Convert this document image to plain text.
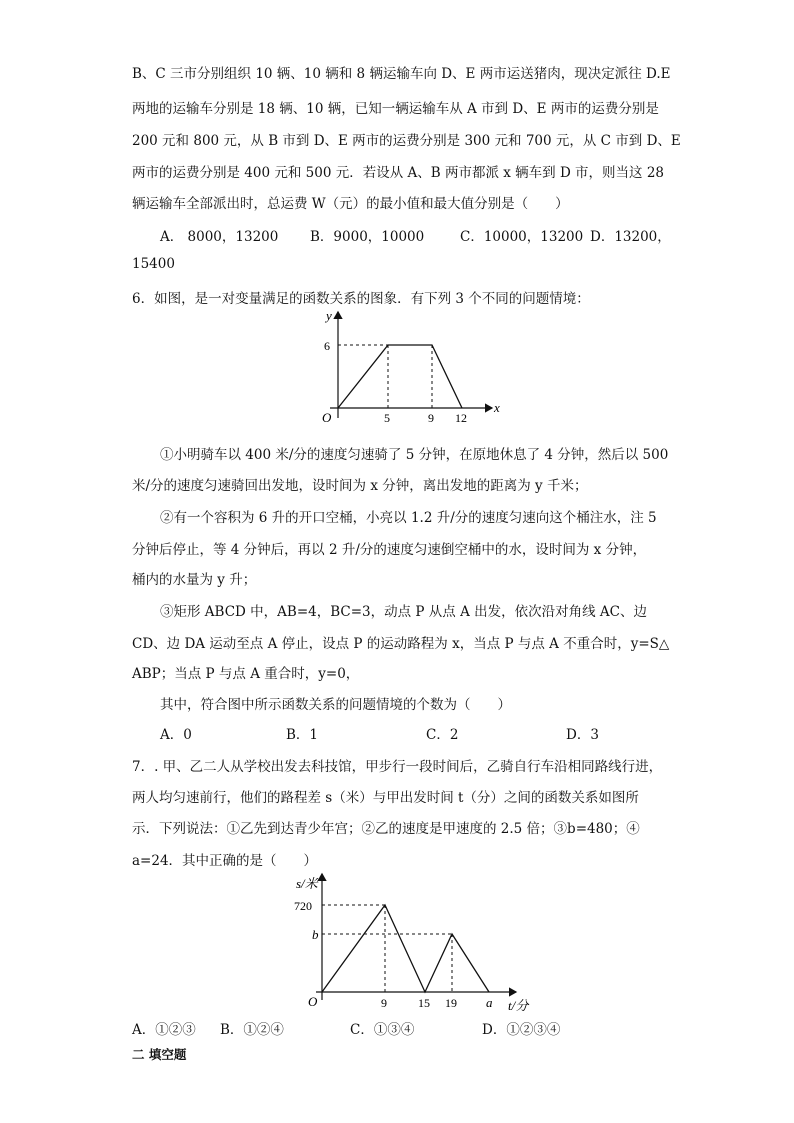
B、C 三市分别组织 10 辆、10 辆和 8 辆运输车向 D、E 两市运送猪肉，现决定派往 D.E
两地的运输车分别是 18 辆、10 辆，已知一辆运输车从 A 市到 D、E 两市的运费分别是
200 元和 800 元，从 B 市到 D、E 两市的运费分别是 300 元和 700 元，从 C 市到 D、E
两市的运费分别是 400 元和 500 元．若设从 A、B 两市都派 x 辆车到 D 市，则当这 28
辆运输车全部派出时，总运费 W（元）的最小值和最大值分别是（　　）
A． 8000，13200 B．9000，10000	C．10000，13200 D．13200，
15400
6．如图，是一对变量满足的函数关系的图象．有下列 3 个不同的问题情境：
y
x
O
6
5	9 12
①小明骑车以 400 米/分的速度匀速骑了 5 分钟，在原地休息了 4 分钟，然后以 500
米/分的速度匀速骑回出发地，设时间为 x 分钟，离出发地的距离为 y 千米；
②有一个容积为 6 升的开口空桶，小亮以 1.2 升/分的速度匀速向这个桶注水，注 5
分钟后停止，等 4 分钟后，再以 2 升/分的速度匀速倒空桶中的水，设时间为 x 分钟，
桶内的水量为 y 升；
③矩形 ABCD 中，AB=4，BC=3，动点 P 从点 A 出发，依次沿对角线 AC、边
CD、边 DA 运动至点 A 停止，设点 P 的运动路程为 x，当点 P 与点 A 不重合时，y=S△
ABP；当点 P 与点 A 重合时，y=0，
其中，符合图中所示函数关系的问题情境的个数为（　　）
A．0	B．1	C．2	D．3
7．. 甲、乙二人从学校出发去科技馆，甲步行一段时间后，乙骑自行车沿相同路线行进，
两人均匀速前行，他们的路程差 s（米）与甲出发时间 t（分）之间的函数关系如图所
示．下列说法：①乙先到达青少年宫；②乙的速度是甲速度的 2.5 倍；③b=480；④
a=24．其中正确的是（　　）
s/米
t/分
O
720
b
9	15 19 a
A．①②③ B．①②④	C．①③④	D．①②③④
二 填空题
